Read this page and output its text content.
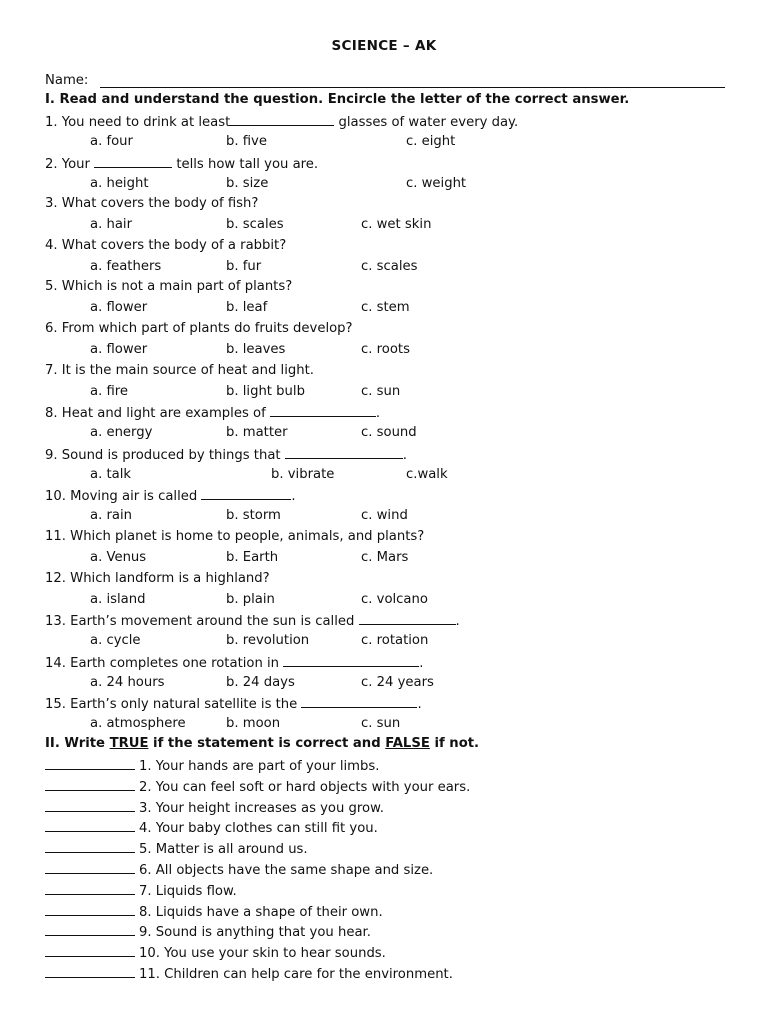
SCIENCE – AK
Name:
I. Read and understand the question. Encircle the letter of the correct answer.
1. You need to drink at least	glasses of water every day.
a. four	b. five	c. eight
2. Your	tells how tall you are.
a. height	b. size	c. weight
3. What covers the body of fish?
a. hair	b. scales	c. wet skin
4. What covers the body of a rabbit?
a. feathers	b. fur	c. scales
5. Which is not a main part of plants?
a. flower	b. leaf	c. stem
6. From which part of plants do fruits develop?
a. flower	b. leaves	c. roots
7. It is the main source of heat and light.
a. fire	b. light bulb	c. sun
8. Heat and light are examples of	.
a. energy	b. matter	c. sound
9. Sound is produced by things that	.
a. talk	b. vibrate	c.walk
10. Moving air is called	.
a. rain	b. storm	c. wind
11. Which planet is home to people, animals, and plants?
a. Venus	b. Earth	c. Mars
12. Which landform is a highland?
a. island	b. plain	c. volcano
13. Earth’s movement around the sun is called	.
a. cycle	b. revolution	c. rotation
14. Earth completes one rotation in	.
a. 24 hours	b. 24 days	c. 24 years
15. Earth’s only natural satellite is the	.
a. atmosphere	b. moon	c. sun
II. Write TRUE if the statement is correct and FALSE if not.
1. Your hands are part of your limbs.
2. You can feel soft or hard objects with your ears.
3. Your height increases as you grow.
4. Your baby clothes can still fit you.
5. Matter is all around us.
6. All objects have the same shape and size.
7. Liquids flow.
8. Liquids have a shape of their own.
9. Sound is anything that you hear.
10. You use your skin to hear sounds.
11. Children can help care for the environment.
